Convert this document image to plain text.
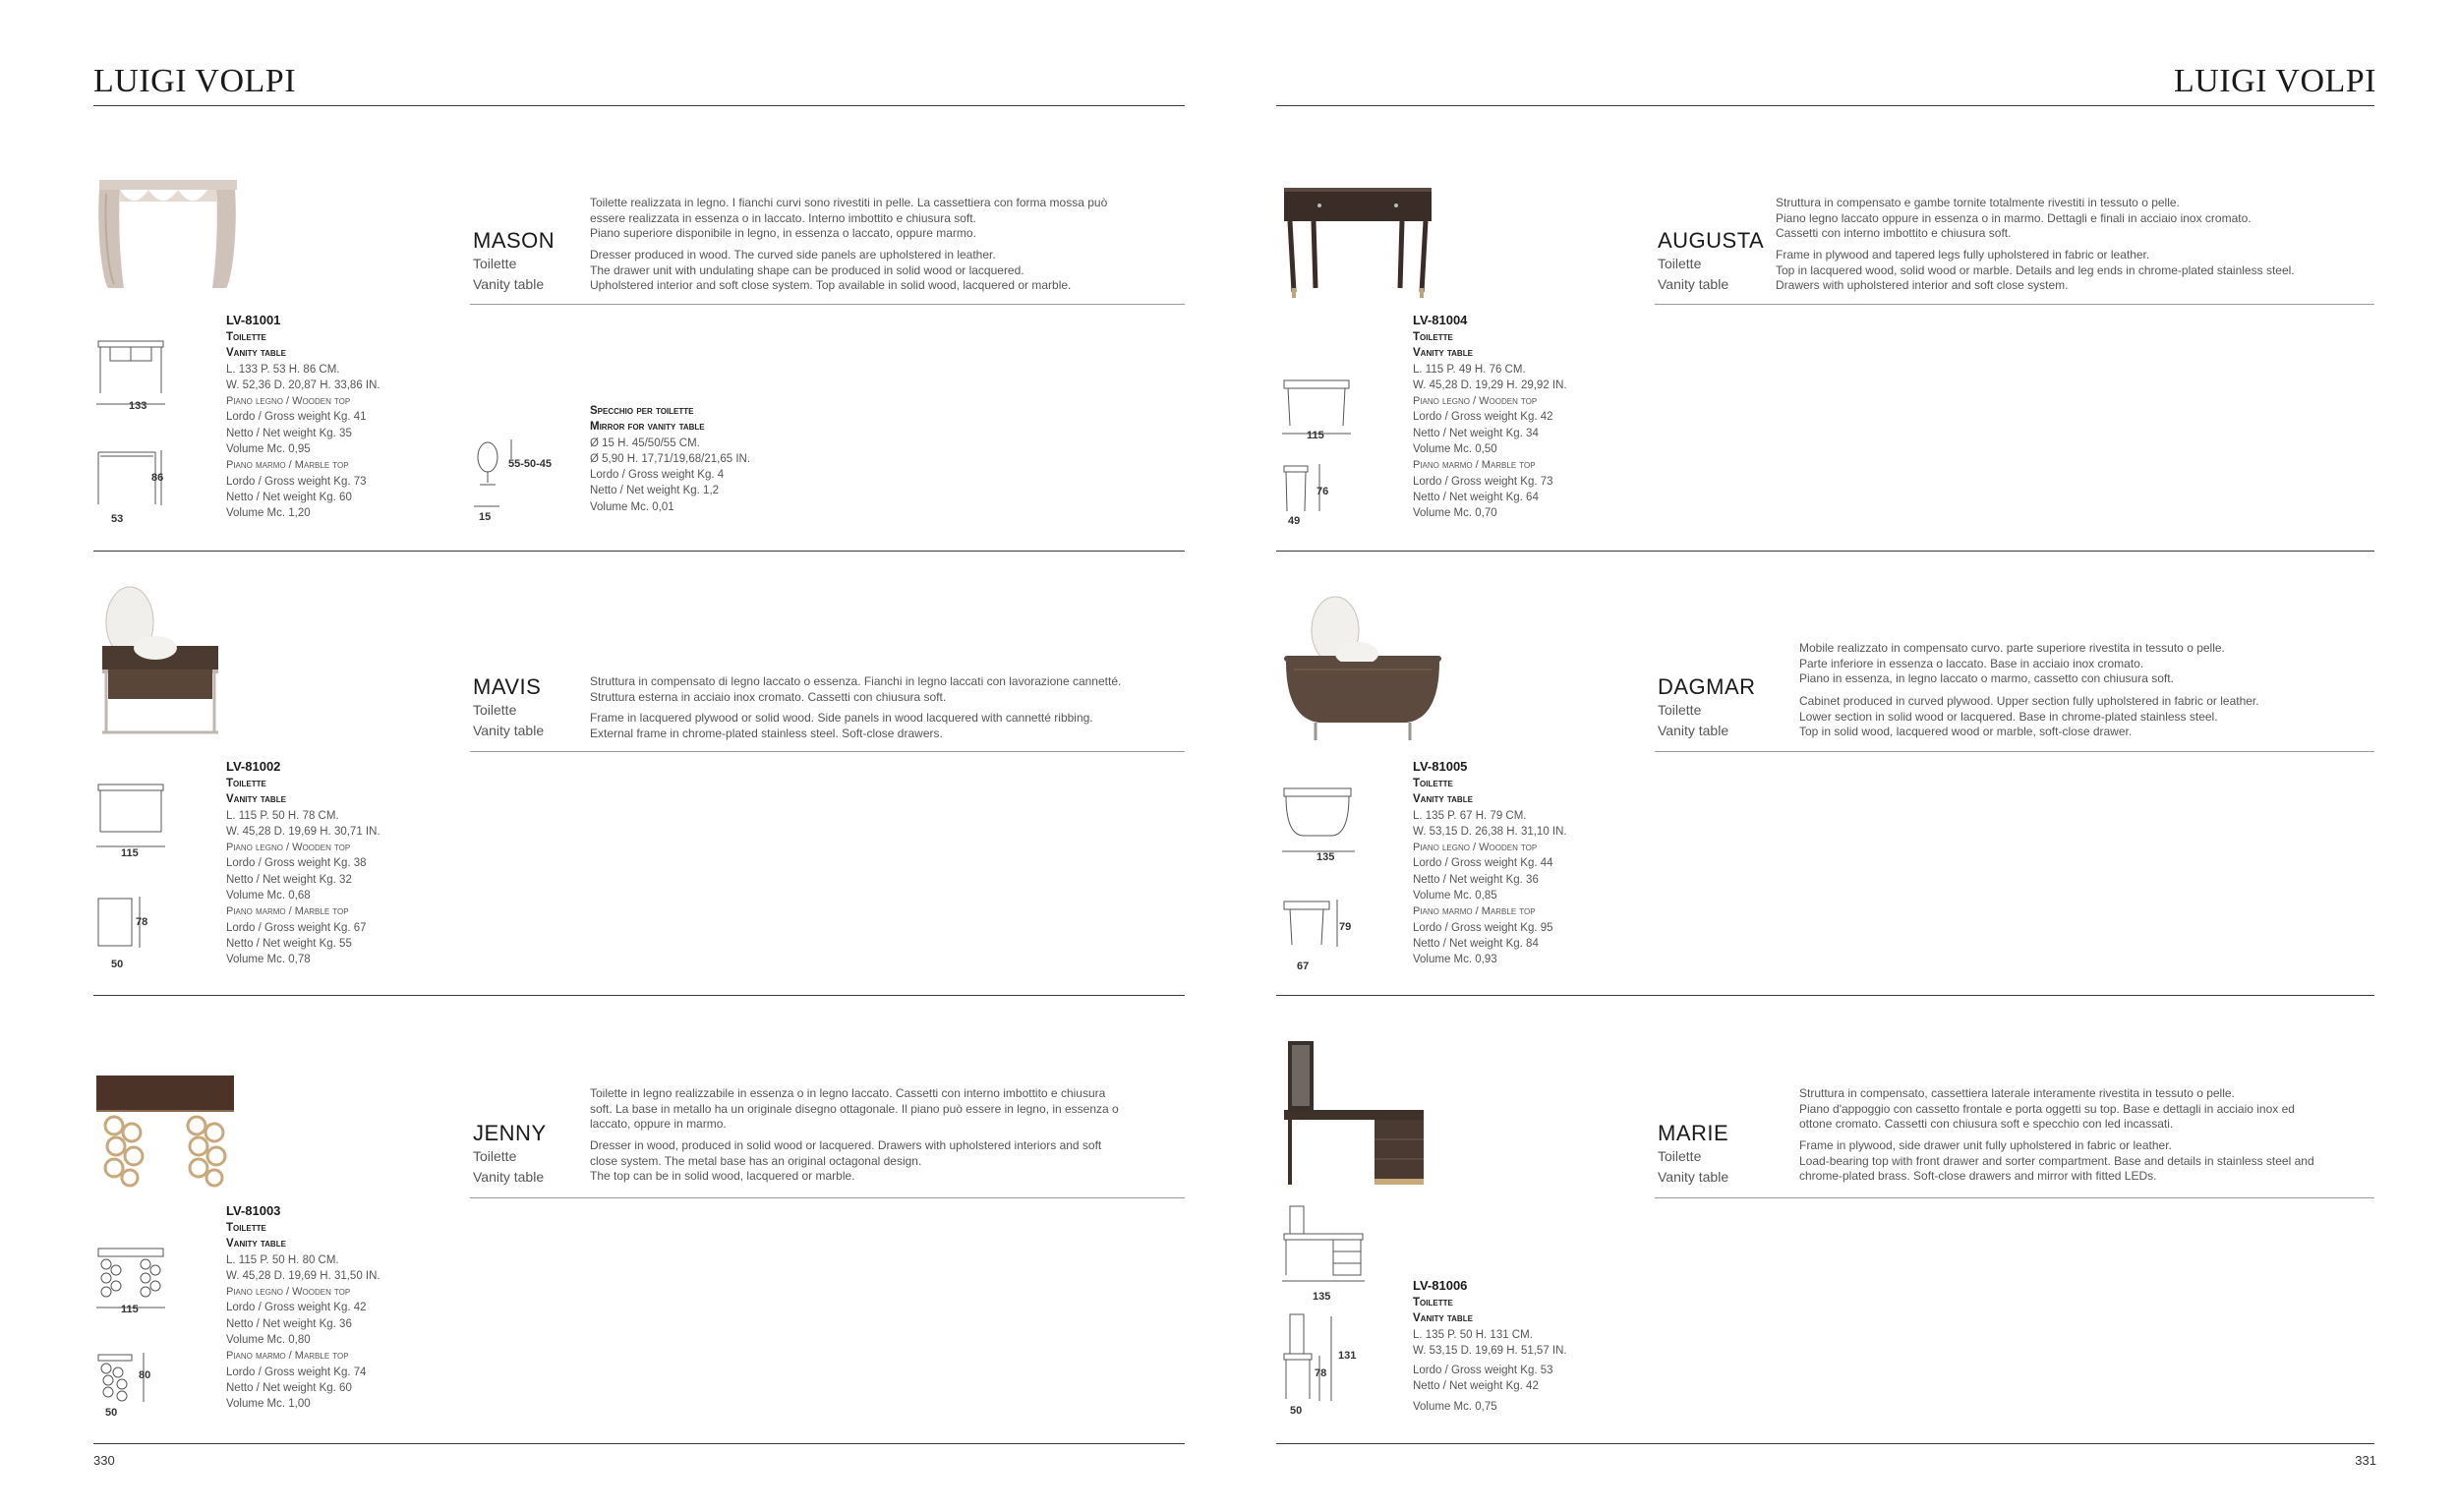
LUIGI VOLPI	LUIGI VOLPI
330	331
133
86
53
LV-81001
Toilette
Vanity table
L. 133 P. 53 H. 86 CM.
W. 52,36 D. 20,87 H. 33,86 IN.
Piano legno / Wooden top
Lordo / Gross weight Kg. 41
Netto / Net weight Kg. 35
Volume Mc. 0,95
Piano marmo / Marble top
Lordo / Gross weight Kg. 73
Netto / Net weight Kg. 60
Volume Mc. 1,20
MASON
Toilette
Vanity table
Toilette realizzata in legno. I fianchi curvi sono rivestiti in pelle. La cassettiera con forma mossa può
essere realizzata in essenza o in laccato. Interno imbottito e chiusura soft.
Piano superiore disponibile in legno, in essenza o laccato, oppure marmo.
Dresser produced in wood. The curved side panels are upholstered in leather.
The drawer unit with undulating shape can be produced in solid wood or lacquered.
Upholstered interior and soft close system. Top available in solid wood, lacquered or marble.
55-50-45
15
Specchio per toilette
Mirror for vanity table
Ø 15 H. 45/50/55 CM.
Ø 5,90 H. 17,71/19,68/21,65 IN.
Lordo / Gross weight Kg. 4
Netto / Net weight Kg. 1,2
Volume Mc. 0,01
115
78
50
LV-81002
Toilette
Vanity table
L. 115 P. 50 H. 78 CM.
W. 45,28 D. 19,69 H. 30,71 IN.
Piano legno / Wooden top
Lordo / Gross weight Kg. 38
Netto / Net weight Kg. 32
Volume Mc. 0,68
Piano marmo / Marble top
Lordo / Gross weight Kg. 67
Netto / Net weight Kg. 55
Volume Mc. 0,78
MAVIS
Toilette
Vanity table
Struttura in compensato di legno laccato o essenza. Fianchi in legno laccati con lavorazione cannetté.
Struttura esterna in acciaio inox cromato. Cassetti con chiusura soft.
Frame in lacquered plywood or solid wood. Side panels in wood lacquered with cannetté ribbing.
External frame in chrome-plated stainless steel. Soft-close drawers.
115
80
50
LV-81003
Toilette
Vanity table
L. 115 P. 50 H. 80 CM.
W. 45,28 D. 19,69 H. 31,50 IN.
Piano legno / Wooden top
Lordo / Gross weight Kg. 42
Netto / Net weight Kg. 36
Volume Mc. 0,80
Piano marmo / Marble top
Lordo / Gross weight Kg. 74
Netto / Net weight Kg. 60
Volume Mc. 1,00
JENNY
Toilette
Vanity table
Toilette in legno realizzabile in essenza o in legno laccato. Cassetti con interno imbottito e chiusura
soft. La base in metallo ha un originale disegno ottagonale. Il piano può essere in legno, in essenza o
laccato, oppure in marmo.
Dresser in wood, produced in solid wood or lacquered. Drawers with upholstered interiors and soft
close system. The metal base has an original octagonal design.
The top can be in solid wood, lacquered or marble.
115
76
49
LV-81004
Toilette
Vanity table
L. 115 P. 49 H. 76 CM.
W. 45,28 D. 19,29 H. 29,92 IN.
Piano legno / Wooden top
Lordo / Gross weight Kg. 42
Netto / Net weight Kg. 34
Volume Mc. 0,50
Piano marmo / Marble top
Lordo / Gross weight Kg. 73
Netto / Net weight Kg. 64
Volume Mc. 0,70
AUGUSTA
Toilette
Vanity table
Struttura in compensato e gambe tornite totalmente rivestiti in tessuto o pelle.
Piano legno laccato oppure in essenza o in marmo. Dettagli e finali in acciaio inox cromato.
Cassetti con interno imbottito e chiusura soft.
Frame in plywood and tapered legs fully upholstered in fabric or leather.
Top in lacquered wood, solid wood or marble. Details and leg ends in chrome-plated stainless steel.
Drawers with upholstered interior and soft close system.
135
79
67
LV-81005
Toilette
Vanity table
L. 135 P. 67 H. 79 CM.
W. 53,15 D. 26,38 H. 31,10 IN.
Piano legno / Wooden top
Lordo / Gross weight Kg. 44
Netto / Net weight Kg. 36
Volume Mc. 0,85
Piano marmo / Marble top
Lordo / Gross weight Kg. 95
Netto / Net weight Kg. 84
Volume Mc. 0,93
DAGMAR
Toilette
Vanity table
Mobile realizzato in compensato curvo. parte superiore rivestita in tessuto o pelle.
Parte inferiore in essenza o laccato. Base in acciaio inox cromato.
Piano in essenza, in legno laccato o marmo, cassetto con chiusura soft.
Cabinet produced in curved plywood. Upper section fully upholstered in fabric or leather.
Lower section in solid wood or lacquered. Base in chrome-plated stainless steel.
Top in solid wood, lacquered wood or marble, soft-close drawer.
135
78
131
50
LV-81006
Toilette
Vanity table
L. 135 P. 50 H. 131 CM.
W. 53,15 D. 19,69 H. 51,57 IN.
Lordo / Gross weight Kg. 53
Netto / Net weight Kg. 42
Volume Mc. 0,75
MARIE
Toilette
Vanity table
Struttura in compensato, cassettiera laterale interamente rivestita in tessuto o pelle.
Piano d'appoggio con cassetto frontale e porta oggetti su top. Base e dettagli in acciaio inox ed
ottone cromato. Cassetti con chiusura soft e specchio con led incassati.
Frame in plywood, side drawer unit fully upholstered in fabric or leather.
Load-bearing top with front drawer and sorter compartment. Base and details in stainless steel and
chrome-plated brass. Soft-close drawers and mirror with fitted LEDs.
